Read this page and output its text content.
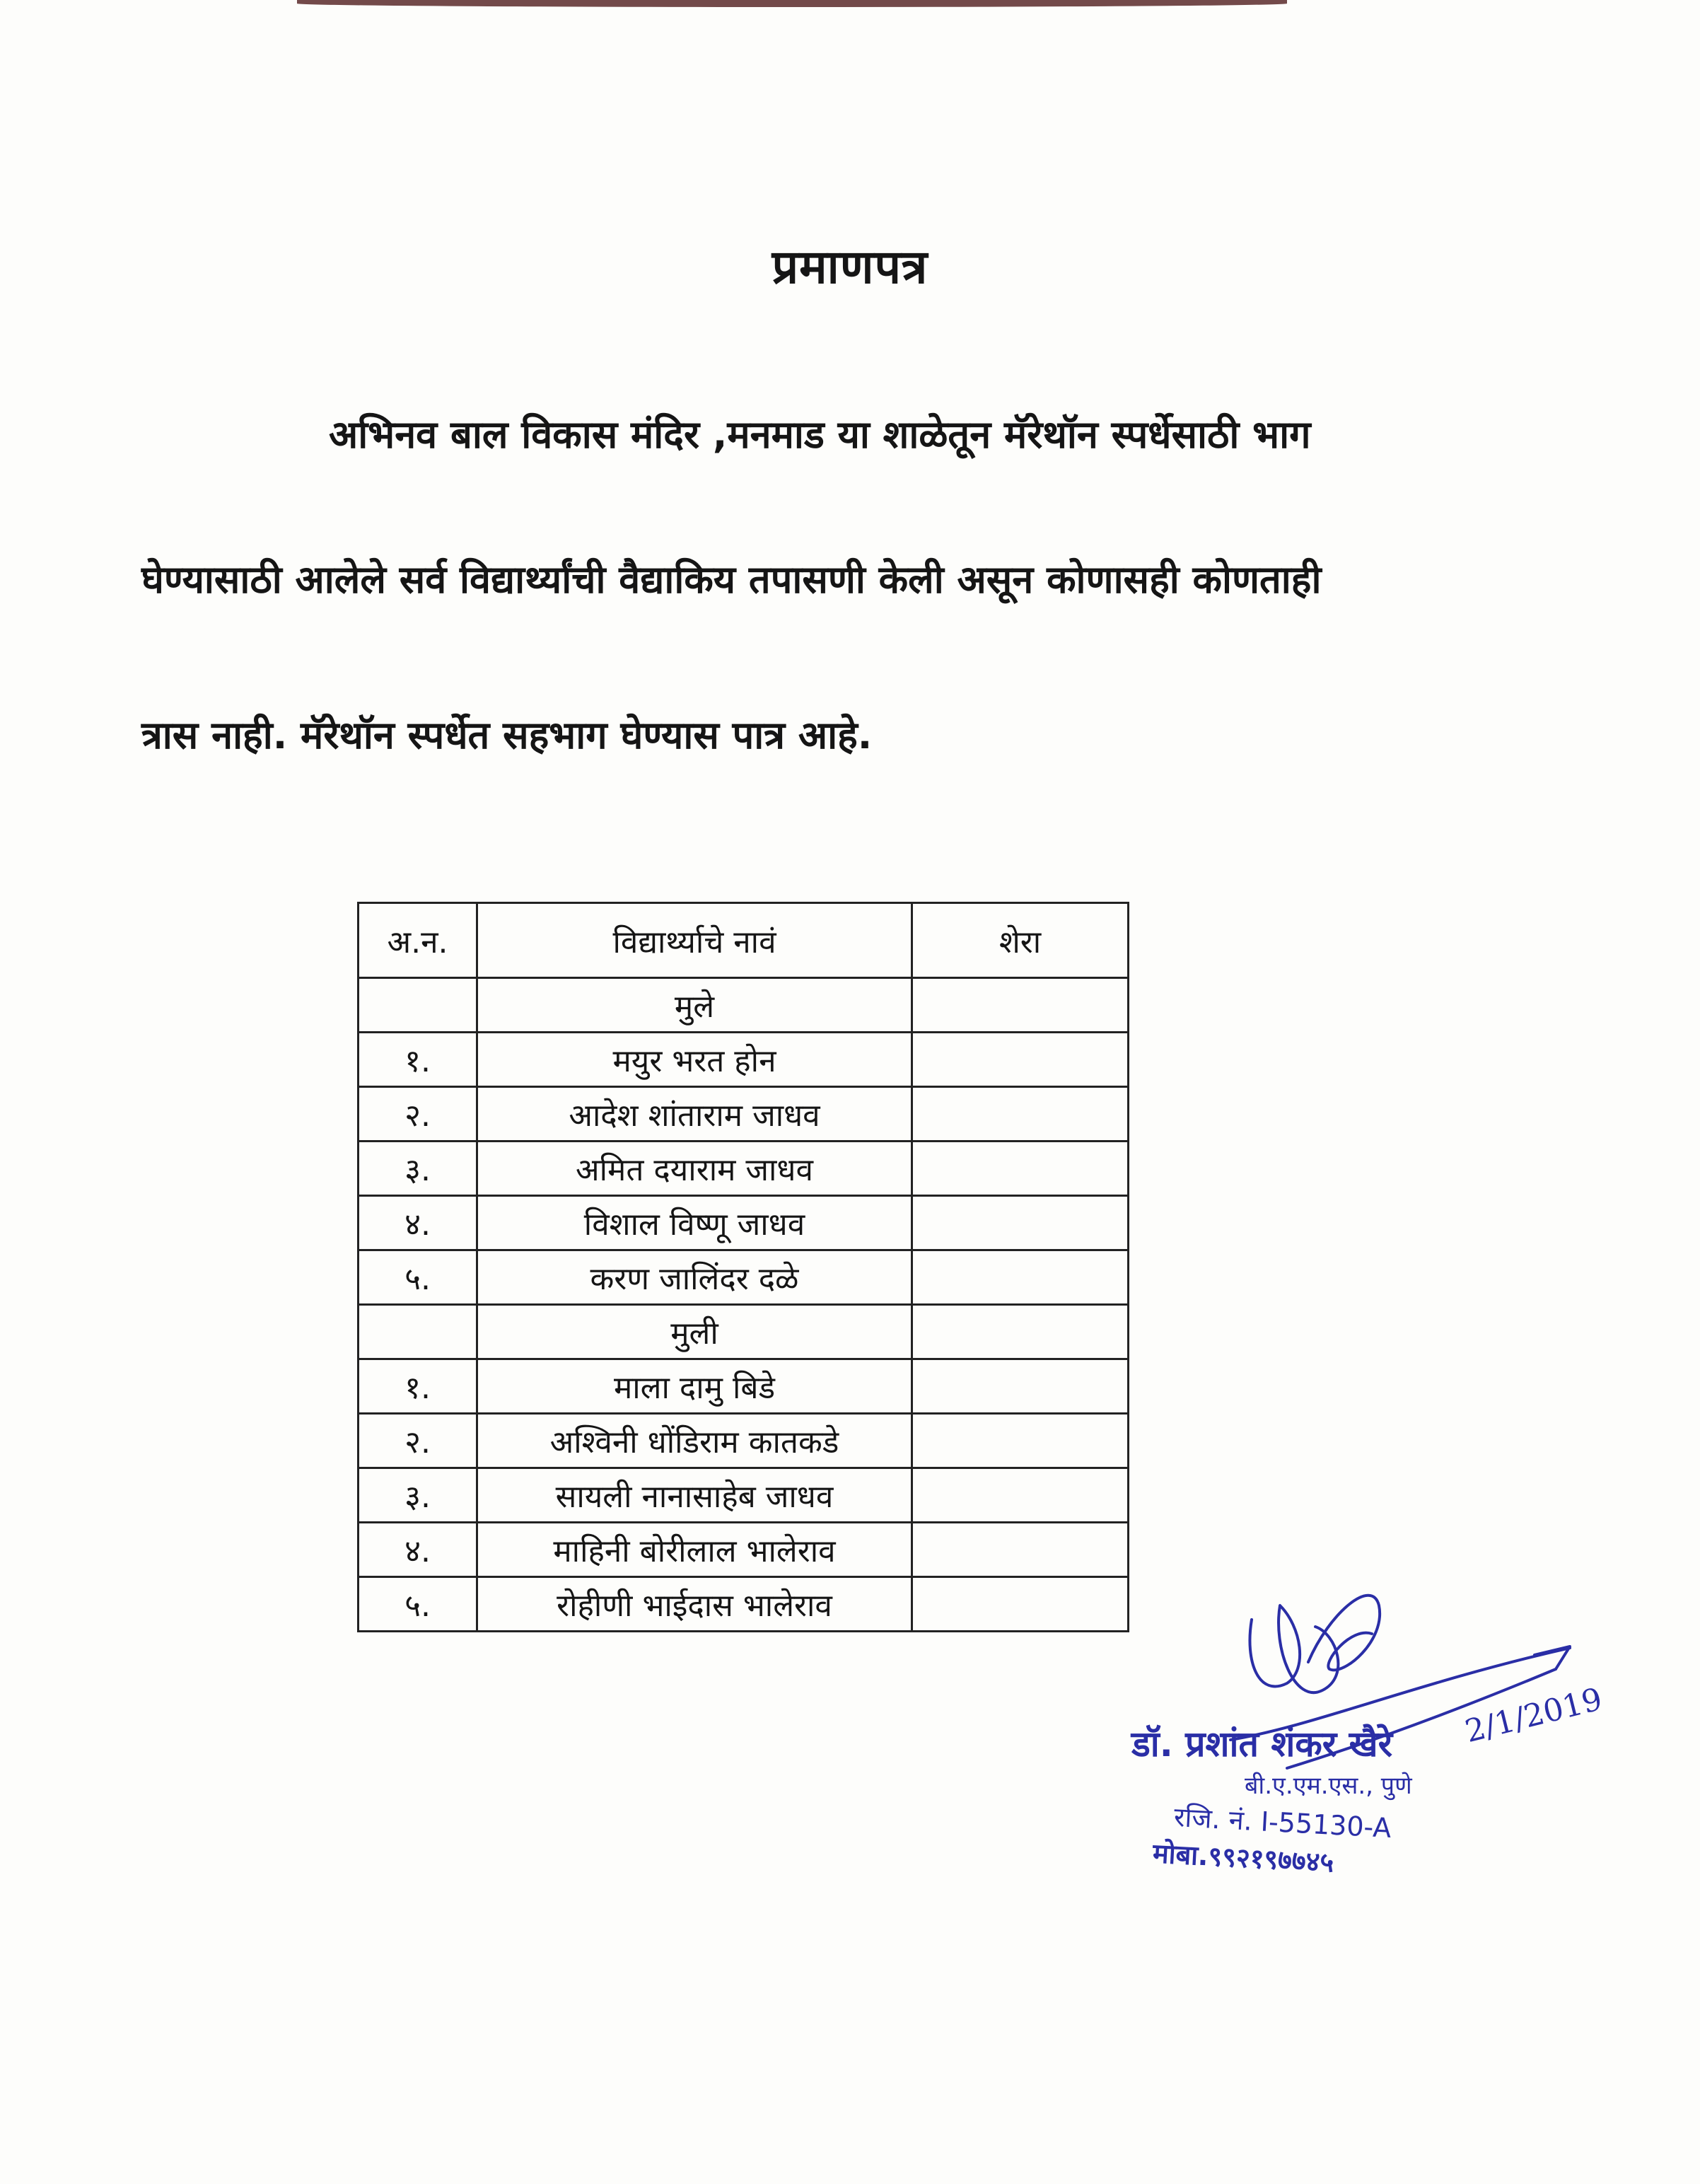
प्रमाणपत्र
अभिनव बाल विकास मंदिर ,मनमाड या शाळेतून मॅरेथॉन स्पर्धेसाठी भाग
घेण्यासाठी आलेले सर्व विद्यार्थ्यांची वैद्याकिय तपासणी केली असून कोणासही कोणताही
त्रास नाही. मॅरेथॉन स्पर्धेत सहभाग घेण्यास पात्र आहे.
अ.न.	विद्यार्थ्याचे नावं	शेरा
	मुले	
१.	मयुर भरत होन	
२.	आदेश शांताराम जाधव	
३.	अमित दयाराम जाधव	
४.	विशाल विष्णू जाधव	
५.	करण जालिंदर दळे	
	मुली	
१.	माला दामु बिडे	
२.	अश्विनी धोंडिराम कातकडे	
३.	सायली नानासाहेब जाधव	
४.	माहिनी बोरीलाल भालेराव	
५.	रोहीणी भाईदास भालेराव	
2/1/2019
डॉ. प्रशांत शंकर खैरे
बी.ए.एम.एस., पुणे
रजि. नं. I-55130-A
मोबा.९९२१९७७४५
